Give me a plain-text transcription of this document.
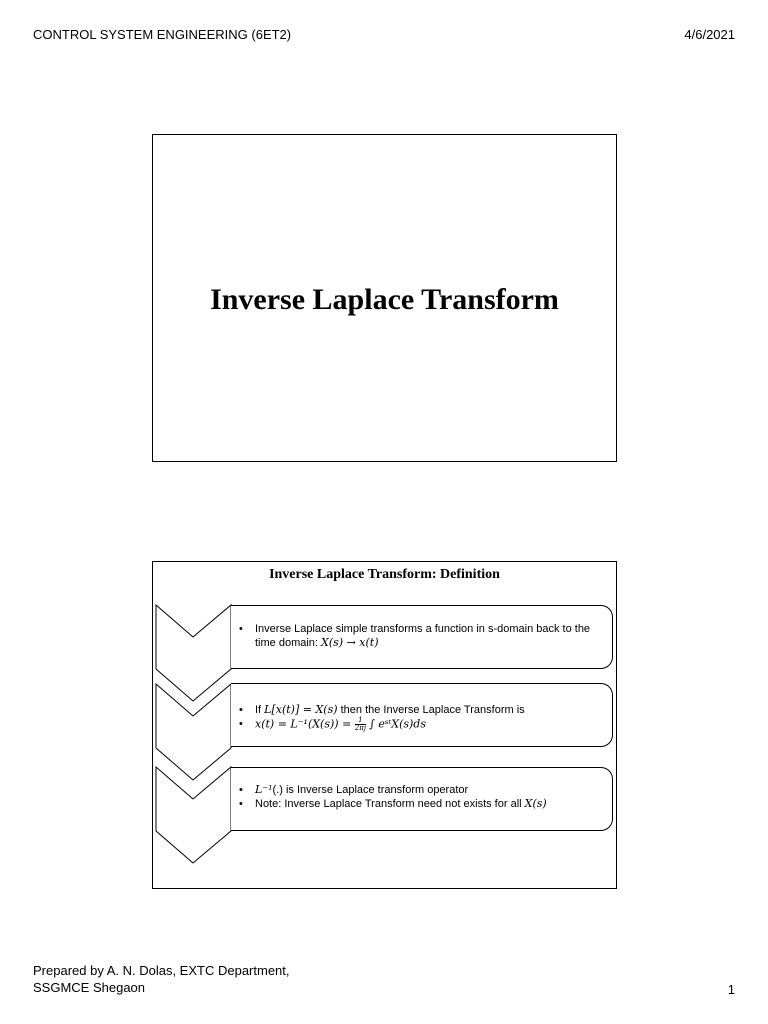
CONTROL SYSTEM ENGINEERING (6ET2)	4/6/2021
Inverse Laplace Transform
Inverse Laplace Transform: Definition
• Inverse Laplace simple transforms a function in s-domain back to the time domain: X(s) → x(t)
• If L[x(t)] = X(s) then the Inverse Laplace Transform is
• $x(t) = L^{-1}(X(s)) = \frac{1}{2\pi j}$ ∫ eˢᵗX(s)ds
• L⁻¹(.) is Inverse Laplace transform operator
• Note: Inverse Laplace Transform need not exists for all X(s)
Prepared by A. N. Dolas, EXTC Department,
SSGMCE Shegaon	1
